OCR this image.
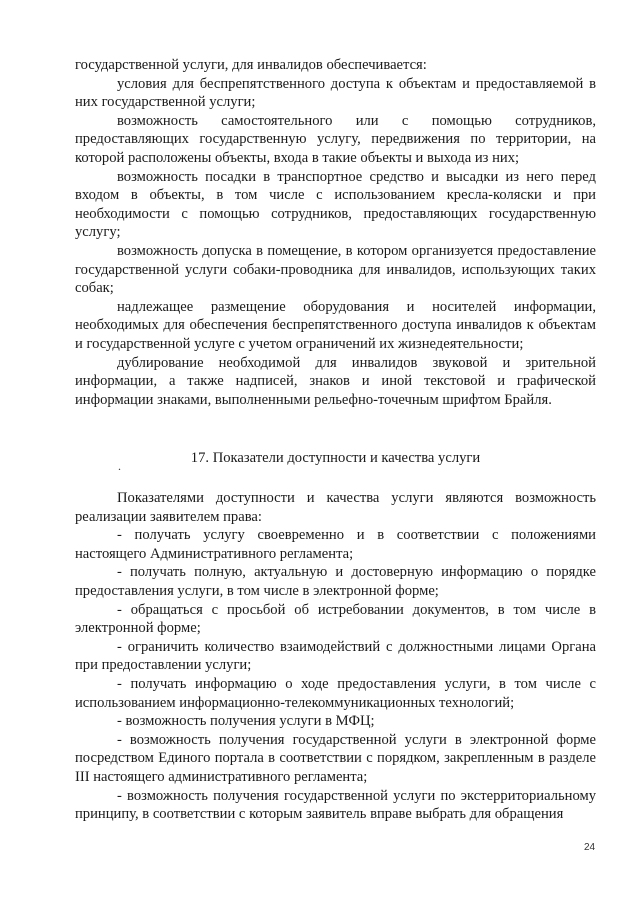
государственной услуги, для инвалидов обеспечивается:

условия для беспрепятственного доступа к объектам и предоставляемой в них государственной услуги;

возможность самостоятельного или с помощью сотрудников, предоставляющих государственную услугу, передвижения по территории, на которой расположены объекты, входа в такие объекты и выхода из них;

возможность посадки в транспортное средство и высадки из него перед входом в объекты, в том числе с использованием кресла-коляски и при необходимости с помощью сотрудников, предоставляющих государственную услугу;

возможность допуска в помещение, в котором организуется предоставление государственной услуги собаки-проводника для инвалидов, использующих таких собак;

надлежащее размещение оборудования и носителей информации, необходимых для обеспечения беспрепятственного доступа инвалидов к объектам и государственной услуге с учетом ограничений их жизнедеятельности;

дублирование необходимой для инвалидов звуковой и зрительной информации, а также надписей, знаков и иной текстовой и графической информации знаками, выполненными рельефно-точечным шрифтом Брайля.

17. Показатели доступности и качества услуги

.

Показателями доступности и качества услуги являются возможность реализации заявителем права:

- получать услугу своевременно и в соответствии с положениями настоящего Административного регламента;

- получать полную, актуальную и достоверную информацию о порядке предоставления услуги, в том числе в электронной форме;

- обращаться с просьбой об истребовании документов, в том числе в электронной форме;

- ограничить количество взаимодействий с должностными лицами Органа при предоставлении услуги;

- получать информацию о ходе предоставления услуги, в том числе с использованием информационно-телекоммуникационных технологий;

- возможность получения услуги в МФЦ;

- возможность получения государственной услуги в электронной форме посредством Единого портала в соответствии с порядком, закрепленным в разделе III настоящего административного регламента;

- возможность получения государственной услуги по экстерриториальному принципу, в соответствии с которым заявитель вправе выбрать для обращения

24
